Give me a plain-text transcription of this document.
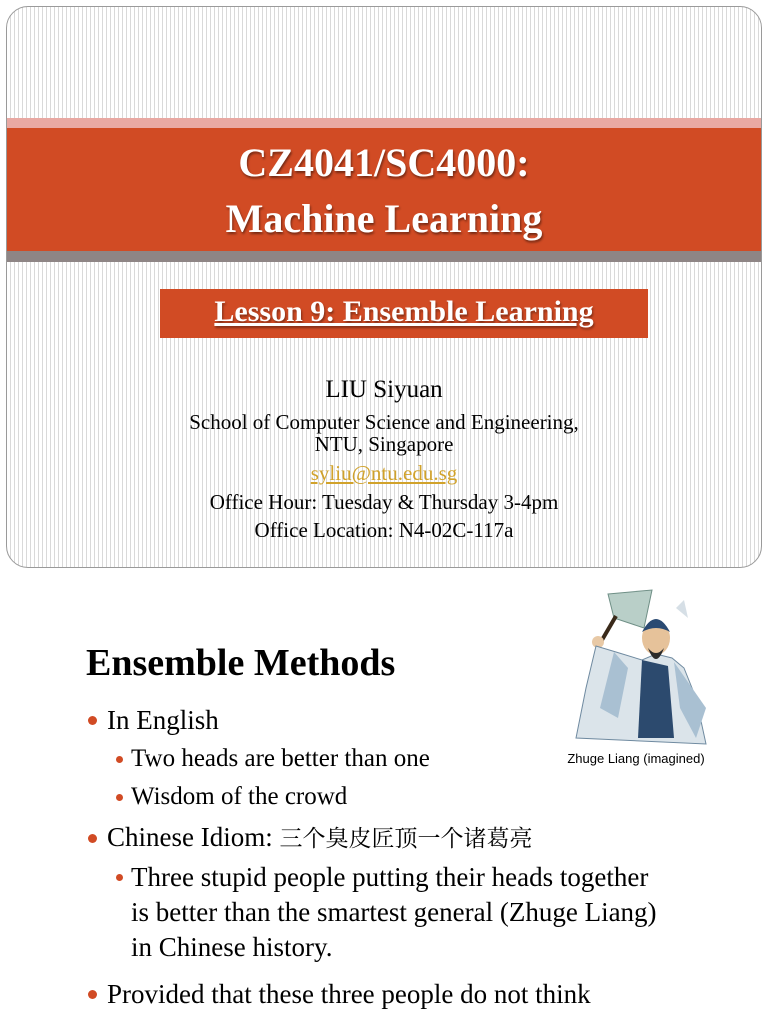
CZ4041/SC4000:
Machine Learning
Lesson 9: Ensemble Learning
LIU Siyuan
School of Computer Science and Engineering,
NTU, Singapore
syliu@ntu.edu.sg
Office Hour: Tuesday & Thursday 3-4pm
Office Location: N4-02C-117a
Ensemble Methods
Zhuge Liang (imagined)
In English
Two heads are better than one
Wisdom of the crowd
Chinese Idiom: 三个臭皮匠顶一个诸葛亮
Three stupid people putting their heads together
is better than the smartest general (Zhuge Liang)
in Chinese history.
Provided that these three people do not think
